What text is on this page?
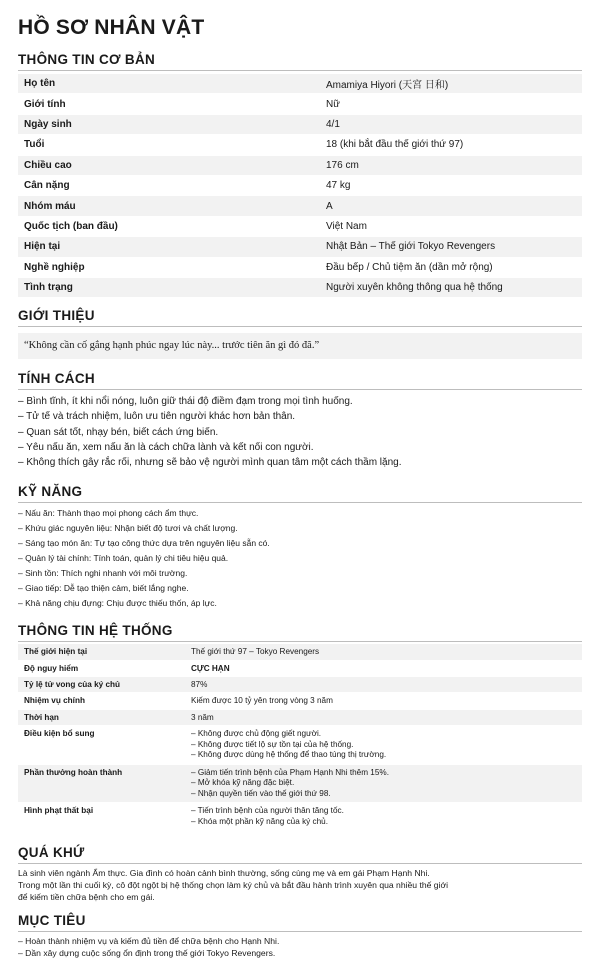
HỒ SƠ NHÂN VẬT
THÔNG TIN CƠ BẢN
Họ tên	Amamiya Hiyori (天宮 日和)
Giới tính	Nữ
Ngày sinh	4/1
Tuổi	18 (khi bắt đầu thế giới thứ 97)
Chiều cao	176 cm
Cân nặng	47 kg
Nhóm máu	A
Quốc tịch (ban đầu)	Việt Nam
Hiện tại	Nhật Bản – Thế giới Tokyo Revengers
Nghề nghiệp	Đầu bếp / Chủ tiệm ăn (dần mở rộng)
Tình trạng	Người xuyên không thông qua hệ thống
GIỚI THIỆU
“Không cần cố gắng hạnh phúc ngay lúc này... trước tiên ăn gì đó đã.”
TÍNH CÁCH
– Bình tĩnh, ít khi nổi nóng, luôn giữ thái độ điềm đạm trong mọi tình huống.
– Tử tế và trách nhiệm, luôn ưu tiên người khác hơn bản thân.
– Quan sát tốt, nhạy bén, biết cách ứng biến.
– Yêu nấu ăn, xem nấu ăn là cách chữa lành và kết nối con người.
– Không thích gây rắc rối, nhưng sẽ bảo vệ người mình quan tâm một cách thầm lặng.
KỸ NĂNG
– Nấu ăn: Thành thạo mọi phong cách ẩm thực.
– Khứu giác nguyên liệu: Nhận biết độ tươi và chất lượng.
– Sáng tạo món ăn: Tự tạo công thức dựa trên nguyên liệu sẵn có.
– Quản lý tài chính: Tính toán, quản lý chi tiêu hiệu quả.
– Sinh tồn: Thích nghi nhanh với môi trường.
– Giao tiếp: Dễ tạo thiện cảm, biết lắng nghe.
– Khả năng chịu đựng: Chịu được thiếu thốn, áp lực.
THÔNG TIN HỆ THỐNG
Thế giới hiện tại	Thế giới thứ 97 – Tokyo Revengers
Độ nguy hiểm	CỰC HẠN
Tỷ lệ tử vong của ký chủ	87%
Nhiệm vụ chính	Kiếm được 10 tỷ yên trong vòng 3 năm
Thời hạn	3 năm
Điều kiện bổ sung	– Không được chủ động giết người.
– Không được tiết lộ sự tồn tại của hệ thống.
– Không được dùng hệ thống để thao túng thị trường.

Phần thưởng hoàn thành	– Giảm tiến trình bệnh của Phạm Hạnh Nhi thêm 15%.
– Mở khóa kỹ năng đặc biệt.
– Nhận quyền tiến vào thế giới thứ 98.

Hình phạt thất bại	– Tiến trình bệnh của người thân tăng tốc.
– Khóa một phần kỹ năng của ký chủ.
QUÁ KHỨ

Là sinh viên ngành Ẩm thực. Gia đình có hoàn cảnh bình thường, sống cùng mẹ và em gái Phạm Hạnh Nhi.

Trong một lần thi cuối kỳ, cô đột ngột bị hệ thống chọn làm ký chủ và bắt đầu hành trình xuyên qua nhiều thế giới

để kiếm tiền chữa bệnh cho em gái.

MỤC TIÊU
– Hoàn thành nhiệm vụ và kiếm đủ tiền để chữa bệnh cho Hạnh Nhi.
– Dần xây dựng cuộc sống ổn định trong thế giới Tokyo Revengers.
